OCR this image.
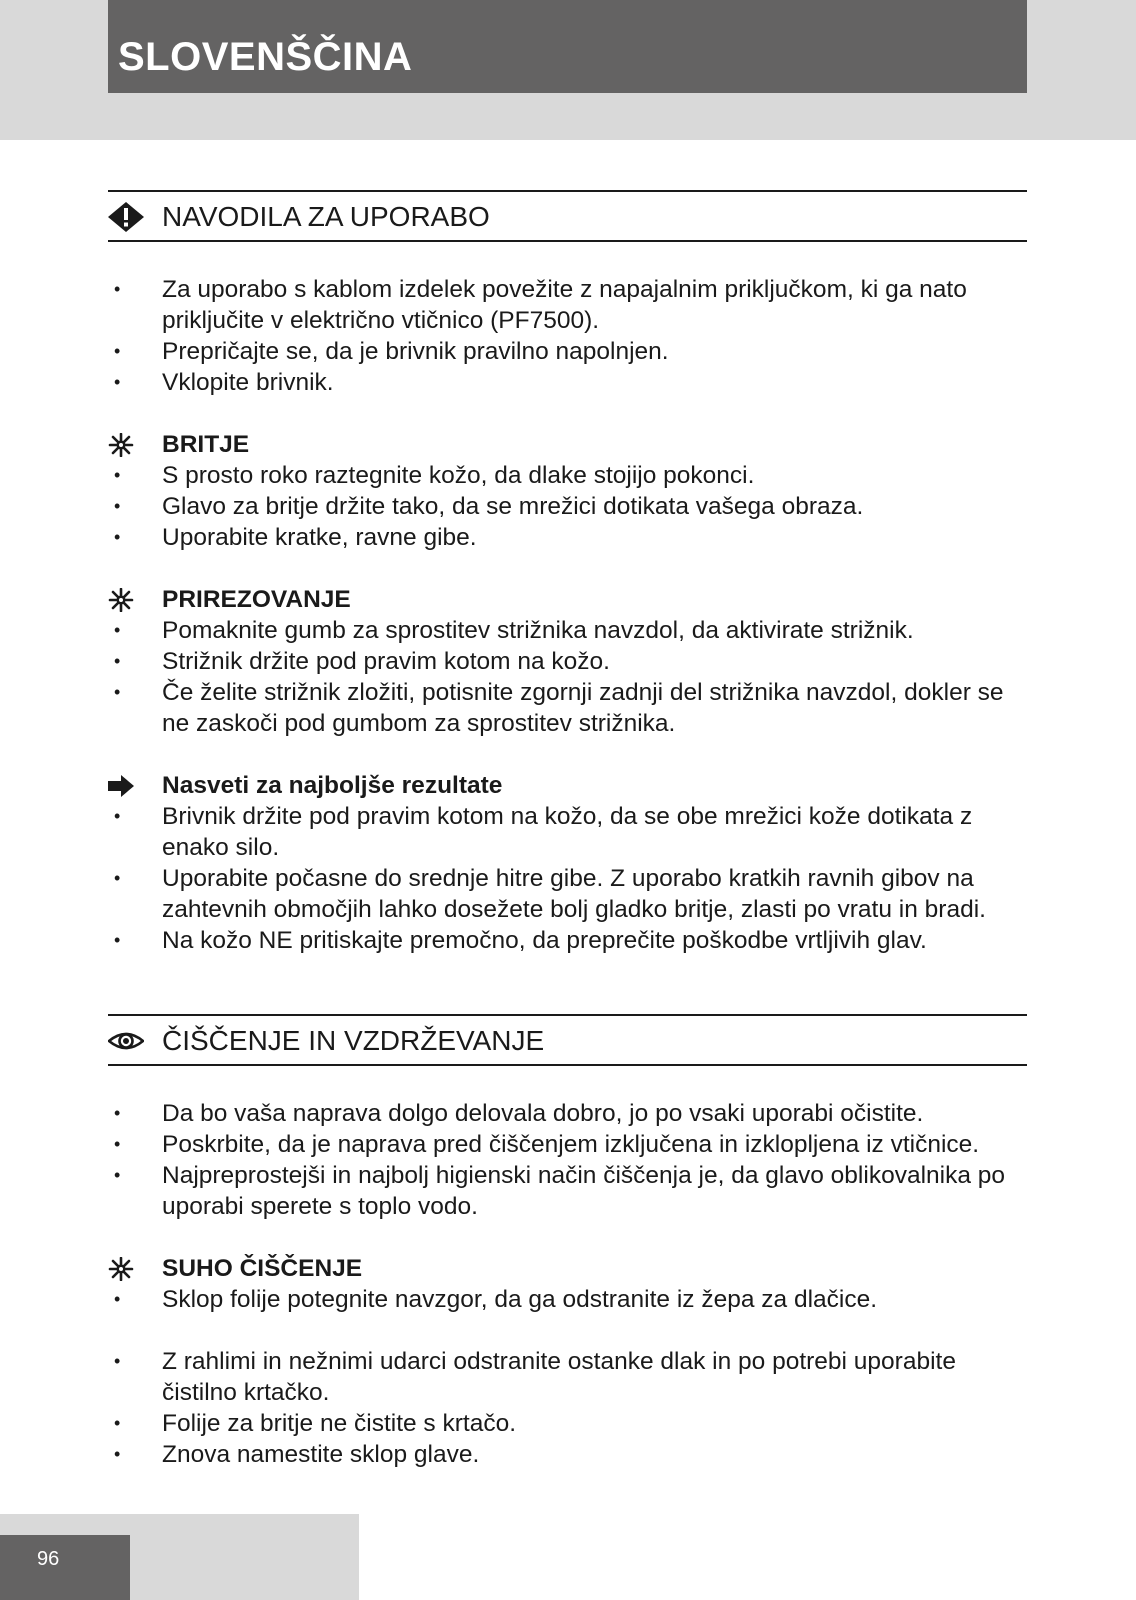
SLOVENŠČINA
NAVODILA ZA UPORABO
• Za uporabo s kablom izdelek povežite z napajalnim priključkom, ki ga nato priključite v električno vtičnico (PF7500).
• Prepričajte se, da je brivnik pravilno napolnjen.
• Vklopite brivnik.
BRITJE
• S prosto roko raztegnite kožo, da dlake stojijo pokonci.
• Glavo za britje držite tako, da se mrežici dotikata vašega obraza.
• Uporabite kratke, ravne gibe.
PRIREZOVANJE
• Pomaknite gumb za sprostitev strižnika navzdol, da aktivirate strižnik.
• Strižnik držite pod pravim kotom na kožo.
• Če želite strižnik zložiti, potisnite zgornji zadnji del strižnika navzdol, dokler se ne zaskoči pod gumbom za sprostitev strižnika.
Nasveti za najboljše rezultate
• Brivnik držite pod pravim kotom na kožo, da se obe mrežici kože dotikata z enako silo.
• Uporabite počasne do srednje hitre gibe. Z uporabo kratkih ravnih gibov na zahtevnih območjih lahko dosežete bolj gladko britje, zlasti po vratu in bradi.
• Na kožo NE pritiskajte premočno, da preprečite poškodbe vrtljivih glav.
ČIŠČENJE IN VZDRŽEVANJE
• Da bo vaša naprava dolgo delovala dobro, jo po vsaki uporabi očistite.
• Poskrbite, da je naprava pred čiščenjem izključena in izklopljena iz vtičnice.
• Najpreprostejši in najbolj higienski način čiščenja je, da glavo oblikovalnika po uporabi sperete s toplo vodo.
SUHO ČIŠČENJE
• Sklop folije potegnite navzgor, da ga odstranite iz žepa za dlačice.
• Z rahlimi in nežnimi udarci odstranite ostanke dlak in po potrebi uporabite čistilno krtačko.
• Folije za britje ne čistite s krtačo.
• Znova namestite sklop glave.
96
